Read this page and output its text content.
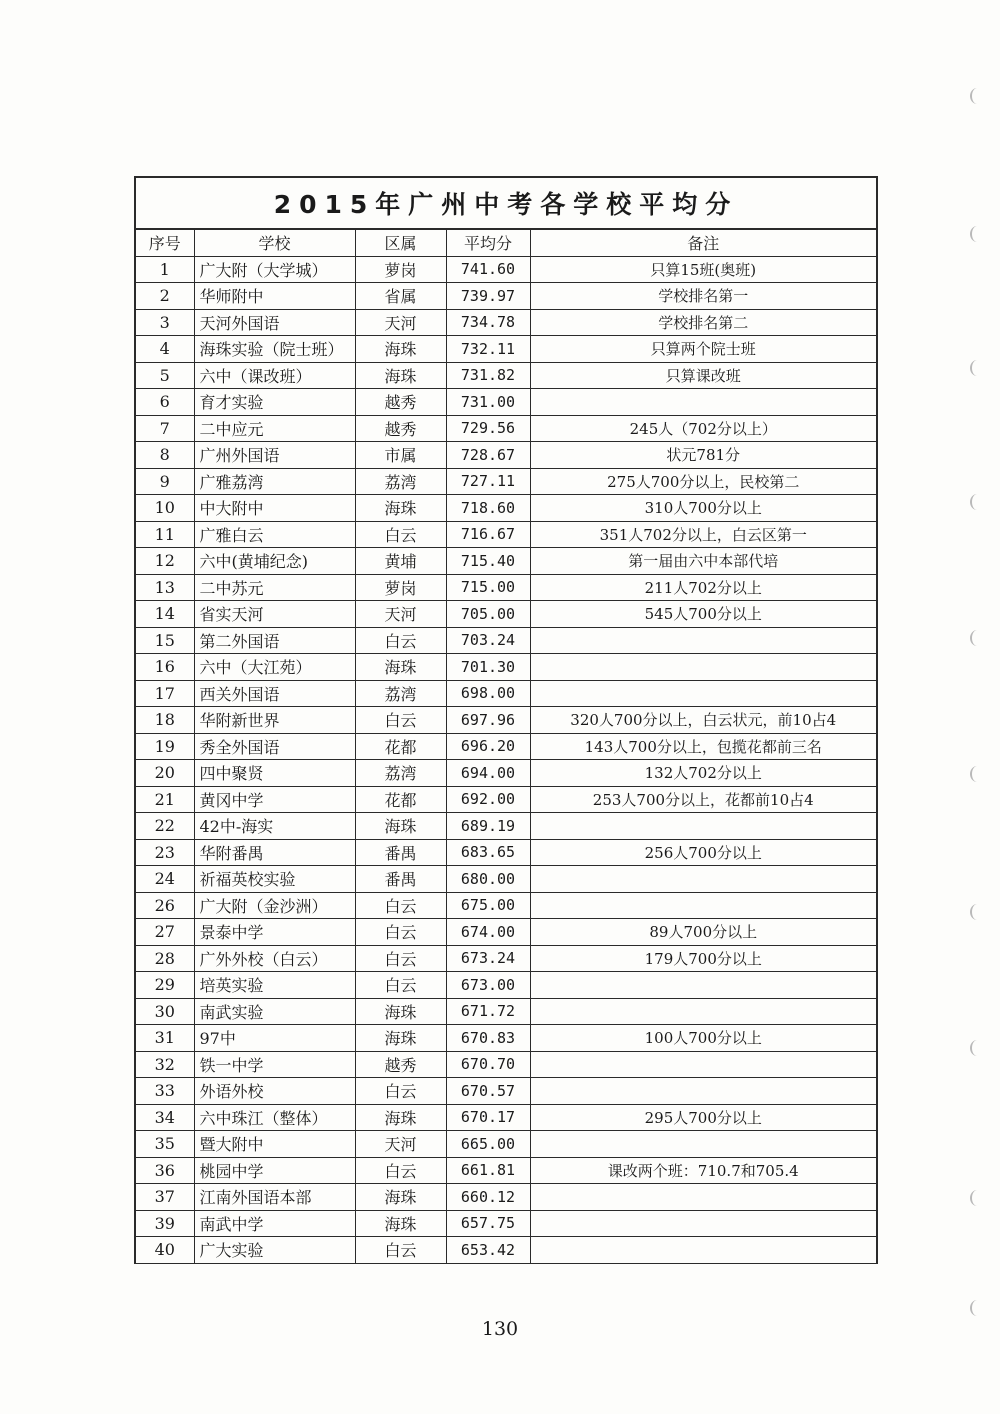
2015年广州中考各学校平均分
序号	学校	区属	平均分	备注
1	广大附（大学城）	萝岗	741.60	只算15班(奥班)
2	华师附中	省属	739.97	学校排名第一
3	天河外国语	天河	734.78	学校排名第二
4	海珠实验（院士班）	海珠	732.11	只算两个院士班
5	六中（课改班）	海珠	731.82	只算课改班
6	育才实验	越秀	731.00	
7	二中应元	越秀	729.56	245人（702分以上）
8	广州外国语	市属	728.67	状元781分
9	广雅荔湾	荔湾	727.11	275人700分以上，民校第二
10	中大附中	海珠	718.60	310人700分以上
11	广雅白云	白云	716.67	351人702分以上，白云区第一
12	六中(黄埔纪念)	黄埔	715.40	第一届由六中本部代培
13	二中苏元	萝岗	715.00	211人702分以上
14	省实天河	天河	705.00	545人700分以上
15	第二外国语	白云	703.24	
16	六中（大江苑）	海珠	701.30	
17	西关外国语	荔湾	698.00	
18	华附新世界	白云	697.96	320人700分以上，白云状元，前10占4
19	秀全外国语	花都	696.20	143人700分以上，包揽花都前三名
20	四中聚贤	荔湾	694.00	132人702分以上
21	黄冈中学	花都	692.00	253人700分以上，花都前10占4
22	42中-海实	海珠	689.19	
23	华附番禺	番禺	683.65	256人700分以上
24	祈福英校实验	番禺	680.00	
26	广大附（金沙洲）	白云	675.00	
27	景泰中学	白云	674.00	89人700分以上
28	广外外校（白云）	白云	673.24	179人700分以上
29	培英实验	白云	673.00	
30	南武实验	海珠	671.72	
31	97中	海珠	670.83	100人700分以上
32	铁一中学	越秀	670.70	
33	外语外校	白云	670.57	
34	六中珠江（整体）	海珠	670.17	295人700分以上
35	暨大附中	天河	665.00	
36	桃园中学	白云	661.81	课改两个班：710.7和705.4
37	江南外国语本部	海珠	660.12	
39	南武中学	海珠	657.75	
40	广大实验	白云	653.42	
130
